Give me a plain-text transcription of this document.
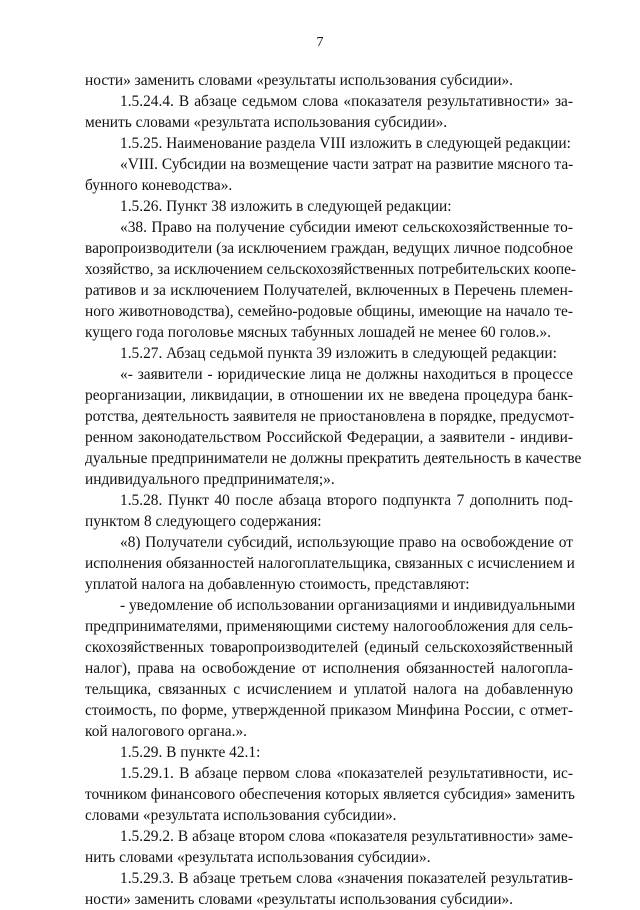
7
ности» заменить словами «результаты использования субсидии».
1.5.24.4. В абзаце седьмом слова «показателя результативности» за-
менить словами «результата использования субсидии».
1.5.25. Наименование раздела VIII изложить в следующей редакции:
«VIII. Субсидии на возмещение части затрат на развитие мясного та-
бунного коневодства».
1.5.26. Пункт 38 изложить в следующей редакции:
«38. Право на получение субсидии имеют сельскохозяйственные то-
варопроизводители (за исключением граждан, ведущих личное подсобное
хозяйство, за исключением сельскохозяйственных потребительских коопе-
ративов и за исключением Получателей, включенных в Перечень племен-
ного животноводства), семейно-родовые общины, имеющие на начало те-
кущего года поголовье мясных табунных лошадей не менее 60 голов.».
1.5.27. Абзац седьмой пункта 39 изложить в следующей редакции:
«- заявители - юридические лица не должны находиться в процессе
реорганизации, ликвидации, в отношении их не введена процедура банк-
ротства, деятельность заявителя не приостановлена в порядке, предусмот-
ренном законодательством Российской Федерации, а заявители - индиви-
дуальные предприниматели не должны прекратить деятельность в качестве
индивидуального предпринимателя;».
1.5.28. Пункт 40 после абзаца второго подпункта 7 дополнить под-
пунктом 8 следующего содержания:
«8) Получатели субсидий, использующие право на освобождение от
исполнения обязанностей налогоплательщика, связанных с исчислением и
уплатой налога на добавленную стоимость, представляют:
- уведомление об использовании организациями и индивидуальными
предпринимателями, применяющими систему налогообложения для сель-
скохозяйственных товаропроизводителей (единый сельскохозяйственный
налог), права на освобождение от исполнения обязанностей налогопла-
тельщика, связанных с исчислением и уплатой налога на добавленную
стоимость, по форме, утвержденной приказом Минфина России, с отмет-
кой налогового органа.».
1.5.29. В пункте 42.1:
1.5.29.1. В абзаце первом слова «показателей результативности, ис-
точником финансового обеспечения которых является субсидия» заменить
словами «результата использования субсидии».
1.5.29.2. В абзаце втором слова «показателя результативности» заме-
нить словами «результата использования субсидии».
1.5.29.3. В абзаце третьем слова «значения показателей результатив-
ности» заменить словами «результаты использования субсидии».
